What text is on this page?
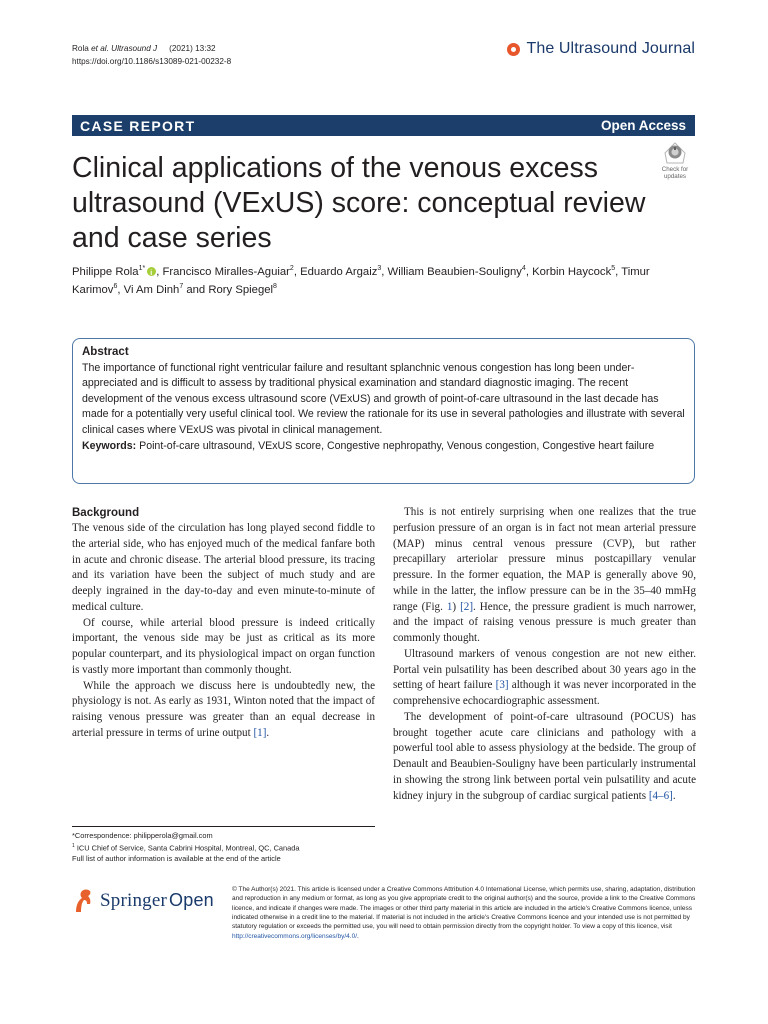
Rola et al. Ultrasound J (2021) 13:32
https://doi.org/10.1186/s13089-021-00232-8
The Ultrasound Journal
CASE REPORT	Open Access
Check for
updates
Clinical applications of the venous excess ultrasound (VExUS) score: conceptual review and case series
Philippe Rola$^{1*}$i , Francisco Miralles-Aguiar$^2$, Eduardo Argaiz$^3$, William Beaubien-Souligny$^4$, Korbin Haycock$^5$, Timur Karimov$^6$, Vi Am Dinh$^7$ and Rory Spiegel$^8$
Abstract
The importance of functional right ventricular failure and resultant splanchnic venous congestion has long been under-appreciated and is difficult to assess by traditional physical examination and standard diagnostic imaging. The recent development of the venous excess ultrasound score (VExUS) and growth of point-of-care ultrasound in the last decade has made for a potentially very useful clinical tool. We review the rationale for its use in several pathologies and illustrate with several clinical cases where VExUS was pivotal in clinical management.
Keywords: Point-of-care ultrasound, VExUS score, Congestive nephropathy, Venous congestion, Congestive heart failure
Background

The venous side of the circulation has long played second fiddle to the arterial side, who has enjoyed much of the medical fanfare both in acute and chronic disease. The arterial blood pressure, its tracing and its variation have been the subject of much study and are deeply ingrained in the day-to-day and even minute-to-minute of medical culture.

Of course, while arterial blood pressure is indeed critically important, the venous side may be just as critical as its more popular counterpart, and its physiological impact on organ function is vastly more important than commonly thought.

While the approach we discuss here is undoubtedly new, the physiology is not. As early as 1931, Winton noted that the impact of raising venous pressure was greater than an equal decrease in arterial pressure in terms of urine output [1].

This is not entirely surprising when one realizes that the true perfusion pressure of an organ is in fact not mean arterial pressure (MAP) minus central venous pressure (CVP), but rather precapillary arteriolar pressure minus postcapillary venular pressure. In the former equation, the MAP is generally above 90, while in the latter, the inflow pressure can be in the 35–40 mmHg range (Fig. 1) [2]. Hence, the pressure gradient is much narrower, and the impact of raising venous pressure is much greater than commonly thought.

Ultrasound markers of venous congestion are not new either. Portal vein pulsatility has been described about 30 years ago in the setting of heart failure [3] although it was never incorporated in the comprehensive echocardiographic assessment.

The development of point-of-care ultrasound (POCUS) has brought together acute care clinicians and pathology with a powerful tool able to assess physiology at the bedside. The group of Denault and Beaubien-Souligny have been particularly instrumental in showing the strong link between portal vein pulsatility and acute kidney injury in the subgroup of cardiac surgical patients [4–6].

*Correspondence: philipperola@gmail.com
$^1$ ICU Chief of Service, Santa Cabrini Hospital, Montreal, QC, Canada
Full list of author information is available at the end of the article
Springer Open
© The Author(s) 2021. This article is licensed under a Creative Commons Attribution 4.0 International License, which permits use, sharing, adaptation, distribution and reproduction in any medium or format, as long as you give appropriate credit to the original author(s) and the source, provide a link to the Creative Commons licence, and indicate if changes were made. The images or other third party material in this article are included in the article's Creative Commons licence, unless indicated otherwise in a credit line to the material. If material is not included in the article's Creative Commons licence and your intended use is not permitted by statutory regulation or exceeds the permitted use, you will need to obtain permission directly from the copyright holder. To view a copy of this licence, visit http://creativecommons.org/licenses/by/4.0/.
